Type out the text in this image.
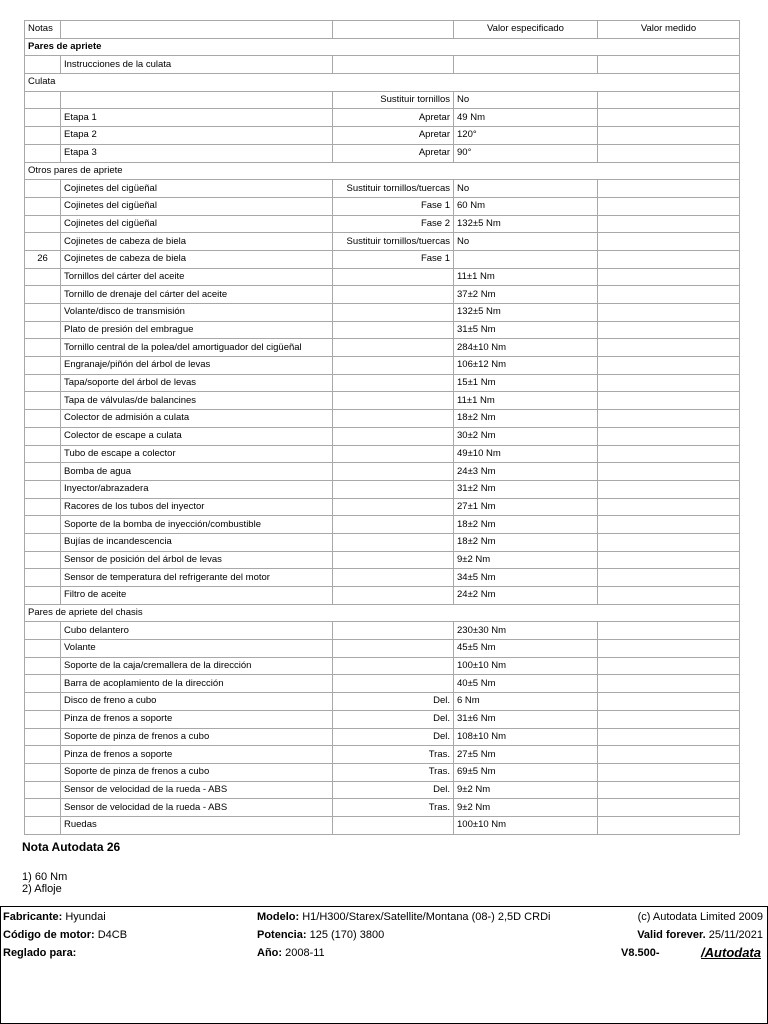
Notas			Valor especificado	Valor medido
Pares de apriete				
	Instrucciones de la culata			
Culata				
		Sustituir tornillos	No	
	Etapa 1	Apretar	49 Nm	
	Etapa 2	Apretar	120°	
	Etapa 3	Apretar	90°	
Otros pares de apriete				
	Cojinetes del cigüeñal	Sustituir tornillos/tuercas	No	
	Cojinetes del cigüeñal	Fase 1	60 Nm	
	Cojinetes del cigüeñal	Fase 2	132±5 Nm	
	Cojinetes de cabeza de biela	Sustituir tornillos/tuercas	No	
26	Cojinetes de cabeza de biela	Fase 1		
	Tornillos del cárter del aceite		11±1 Nm	
	Tornillo de drenaje del cárter del aceite		37±2 Nm	
	Volante/disco de transmisión		132±5 Nm	
	Plato de presión del embrague		31±5 Nm	
	Tornillo central de la polea/del amortiguador del cigüeñal		284±10 Nm	
	Engranaje/piñón del árbol de levas		106±12 Nm	
	Tapa/soporte del árbol de levas		15±1 Nm	
	Tapa de válvulas/de balancines		11±1 Nm	
	Colector de admisión a culata		18±2 Nm	
	Colector de escape a culata		30±2 Nm	
	Tubo de escape a colector		49±10 Nm	
	Bomba de agua		24±3 Nm	
	Inyector/abrazadera		31±2 Nm	
	Racores de los tubos del inyector		27±1 Nm	
	Soporte de la bomba de inyección/combustible		18±2 Nm	
	Bujías de incandescencia		18±2 Nm	
	Sensor de posición del árbol de levas		9±2 Nm	
	Sensor de temperatura del refrigerante del motor		34±5 Nm	
	Filtro de aceite		24±2 Nm	
Pares de apriete del chasis				
	Cubo delantero		230±30 Nm	
	Volante		45±5 Nm	
	Soporte de la caja/cremallera de la dirección		100±10 Nm	
	Barra de acoplamiento de la dirección		40±5 Nm	
	Disco de freno a cubo	Del.	6 Nm	
	Pinza de frenos a soporte	Del.	31±6 Nm	
	Soporte de pinza de frenos a cubo	Del.	108±10 Nm	
	Pinza de frenos a soporte	Tras.	27±5 Nm	
	Soporte de pinza de frenos a cubo	Tras.	69±5 Nm	
	Sensor de velocidad de la rueda - ABS	Del.	9±2 Nm	
	Sensor de velocidad de la rueda - ABS	Tras.	9±2 Nm	
	Ruedas		100±10 Nm	
Nota Autodata 26
1) 60 Nm
2) Afloje
Fabricante: Hyundai
Código de motor: D4CB
Reglado para:
Modelo: H1/H300/Starex/Satellite/Montana (08-) 2,5D CRDi
Potencia: 125 (170) 3800
Año: 2008-11
(c) Autodata Limited 2009
Valid forever. 25/11/2021
V8.500-	/Autodata
